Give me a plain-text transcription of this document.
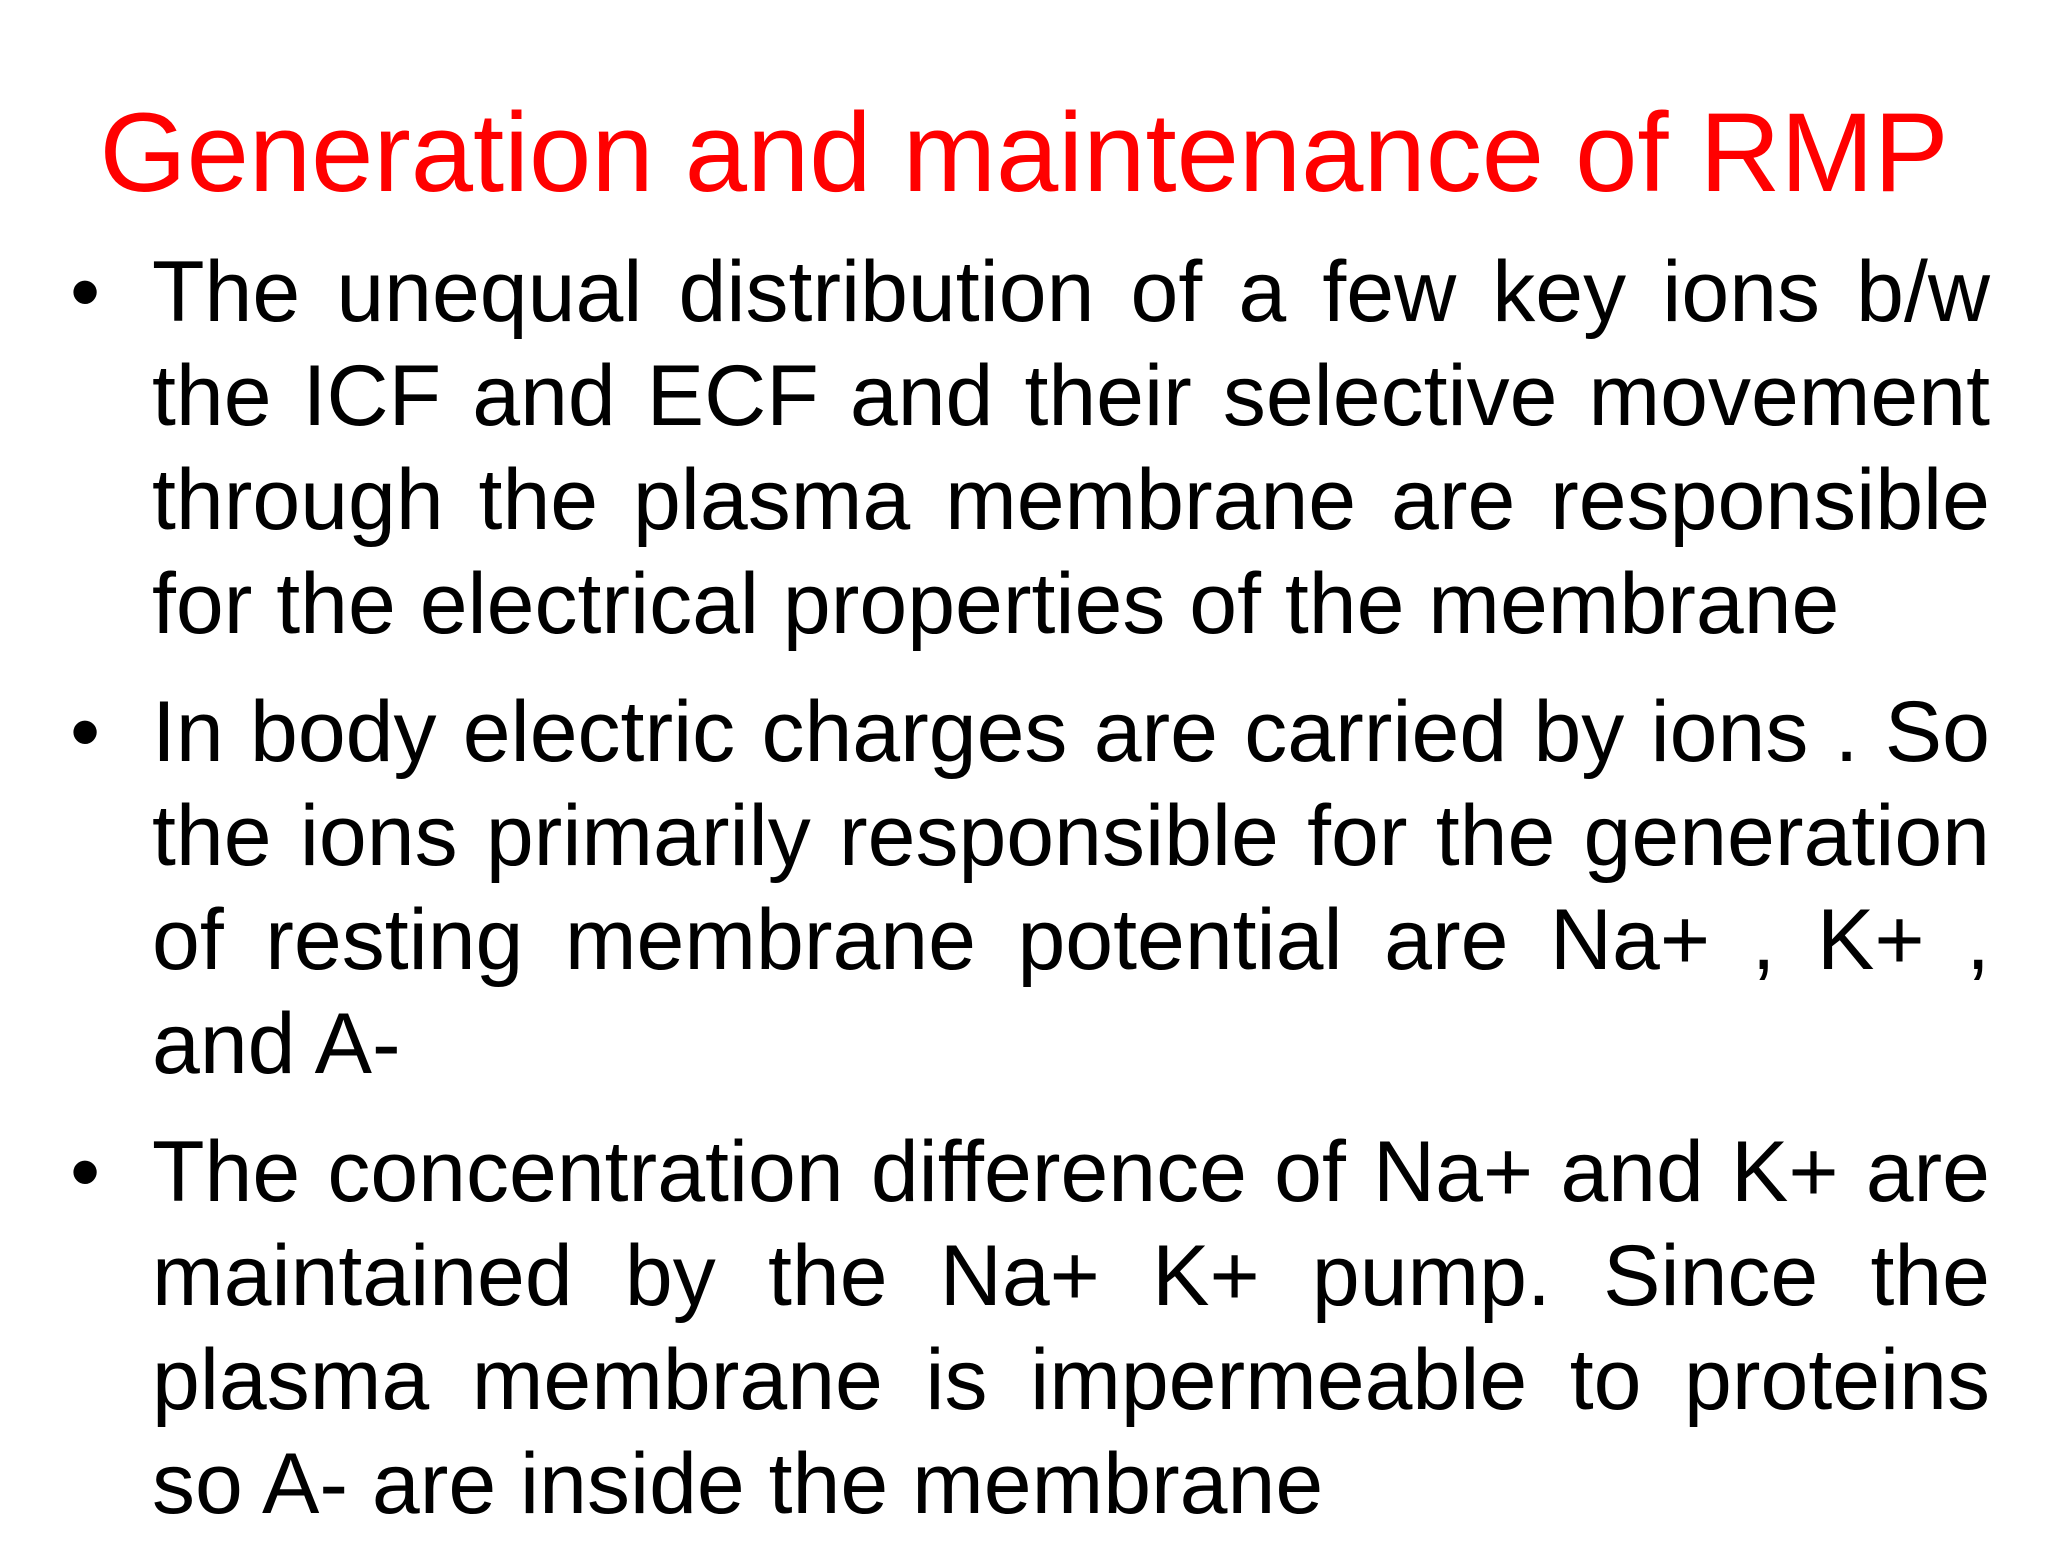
Generation and maintenance of RMP
• The unequal distribution of a few key ions b/w the ICF and ECF and their selective movement through the plasma membrane are responsible for the electrical properties of the membrane
• In body electric charges are carried by ions . So the ions primarily responsible for the generation of resting membrane potential are Na+ , K+ , and A-
• The concentration difference of Na+ and K+ are maintained by the Na+ K+ pump. Since the plasma membrane is impermeable to proteins so A- are inside the membrane
